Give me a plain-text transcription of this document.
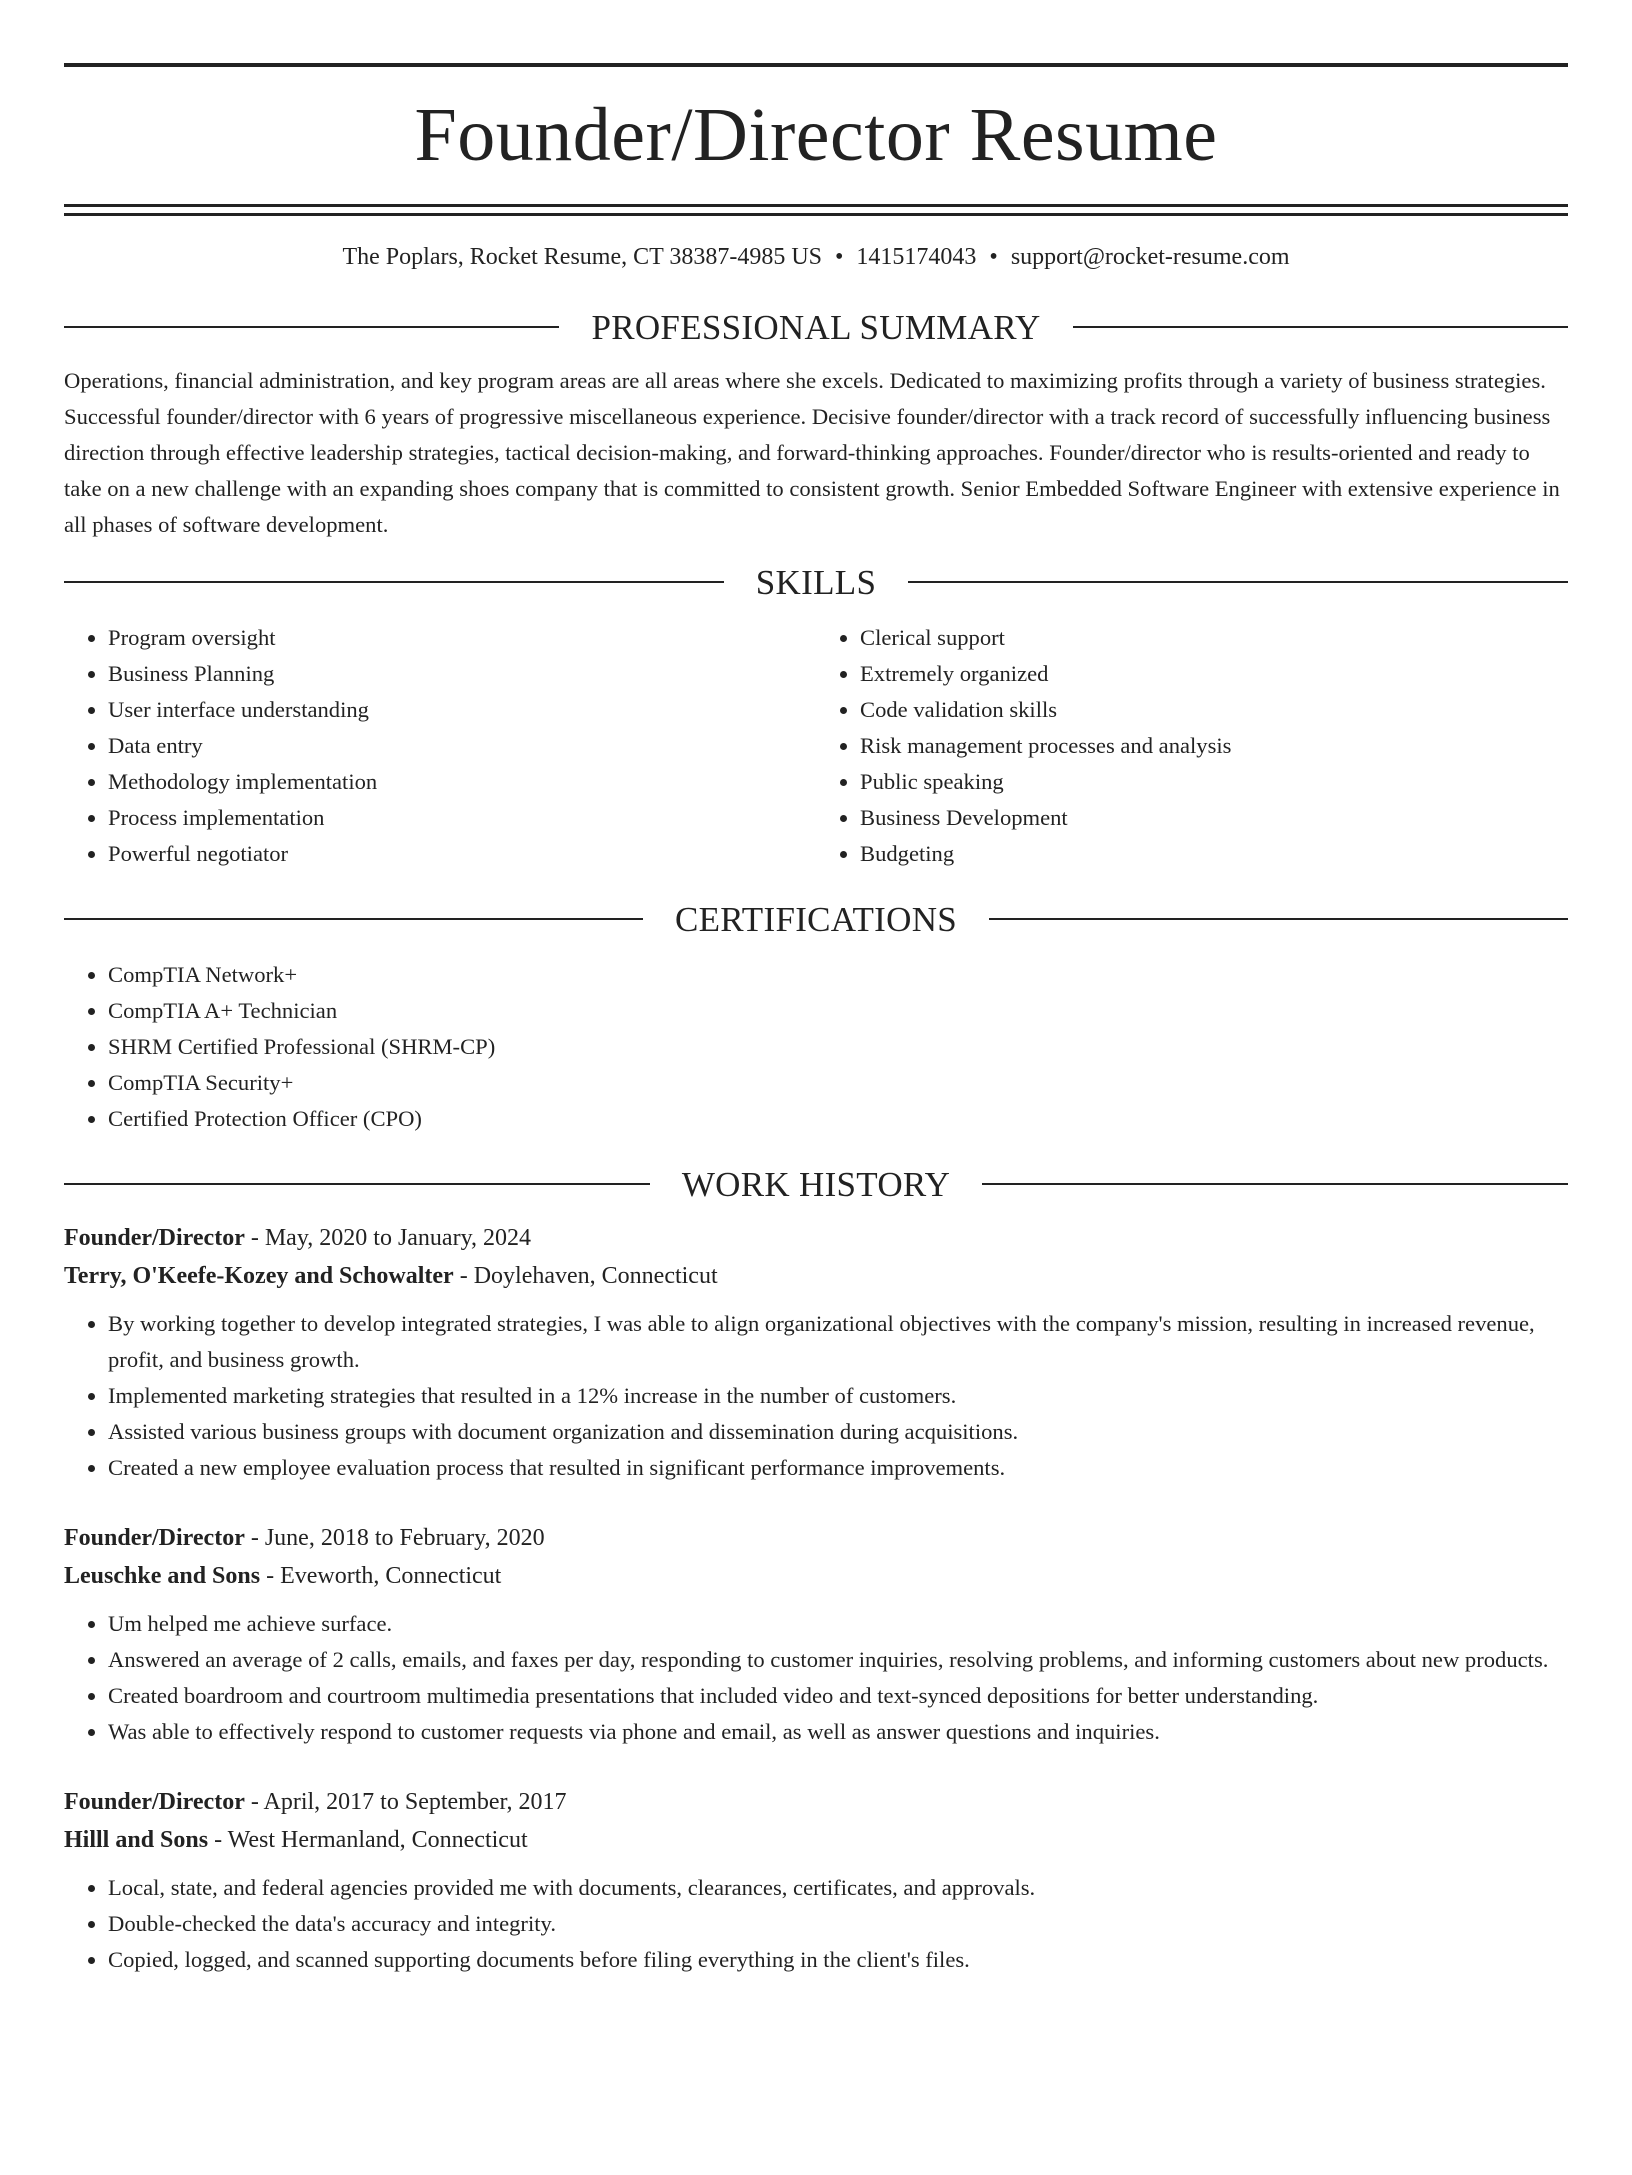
Founder/Director Resume
The Poplars, Rocket Resume, CT 38387-4985 US • 1415174043 • support@rocket-resume.com
PROFESSIONAL SUMMARY

Operations, financial administration, and key program areas are all areas where she excels. Dedicated to maximizing profits through a variety of business strategies. Successful founder/director with 6 years of progressive miscellaneous experience. Decisive founder/director with a track record of successfully influencing business direction through effective leadership strategies, tactical decision-making, and forward-thinking approaches. Founder/director who is results-oriented and ready to take on a new challenge with an expanding shoes company that is committed to consistent growth. Senior Embedded Software Engineer with extensive experience in all phases of software development.

SKILLS
• Program oversight
• Business Planning
• User interface understanding
• Data entry
• Methodology implementation
• Process implementation
• Powerful negotiator
• Clerical support
• Extremely organized
• Code validation skills
• Risk management processes and analysis
• Public speaking
• Business Development
• Budgeting
CERTIFICATIONS
• CompTIA Network+
• CompTIA A+ Technician
• SHRM Certified Professional (SHRM-CP)
• CompTIA Security+
• Certified Protection Officer (CPO)
WORK HISTORY
Founder/Director - May, 2020 to January, 2024
Terry, O'Keefe-Kozey and Schowalter - Doylehaven, Connecticut
• By working together to develop integrated strategies, I was able to align organizational objectives with the company's mission, resulting in increased revenue, profit, and business growth.
• Implemented marketing strategies that resulted in a 12% increase in the number of customers.
• Assisted various business groups with document organization and dissemination during acquisitions.
• Created a new employee evaluation process that resulted in significant performance improvements.
Founder/Director - June, 2018 to February, 2020
Leuschke and Sons - Eveworth, Connecticut
• Um helped me achieve surface.
• Answered an average of 2 calls, emails, and faxes per day, responding to customer inquiries, resolving problems, and informing customers about new products.
• Created boardroom and courtroom multimedia presentations that included video and text-synced depositions for better understanding.
• Was able to effectively respond to customer requests via phone and email, as well as answer questions and inquiries.
Founder/Director - April, 2017 to September, 2017
Hilll and Sons - West Hermanland, Connecticut
• Local, state, and federal agencies provided me with documents, clearances, certificates, and approvals.
• Double-checked the data's accuracy and integrity.
• Copied, logged, and scanned supporting documents before filing everything in the client's files.
